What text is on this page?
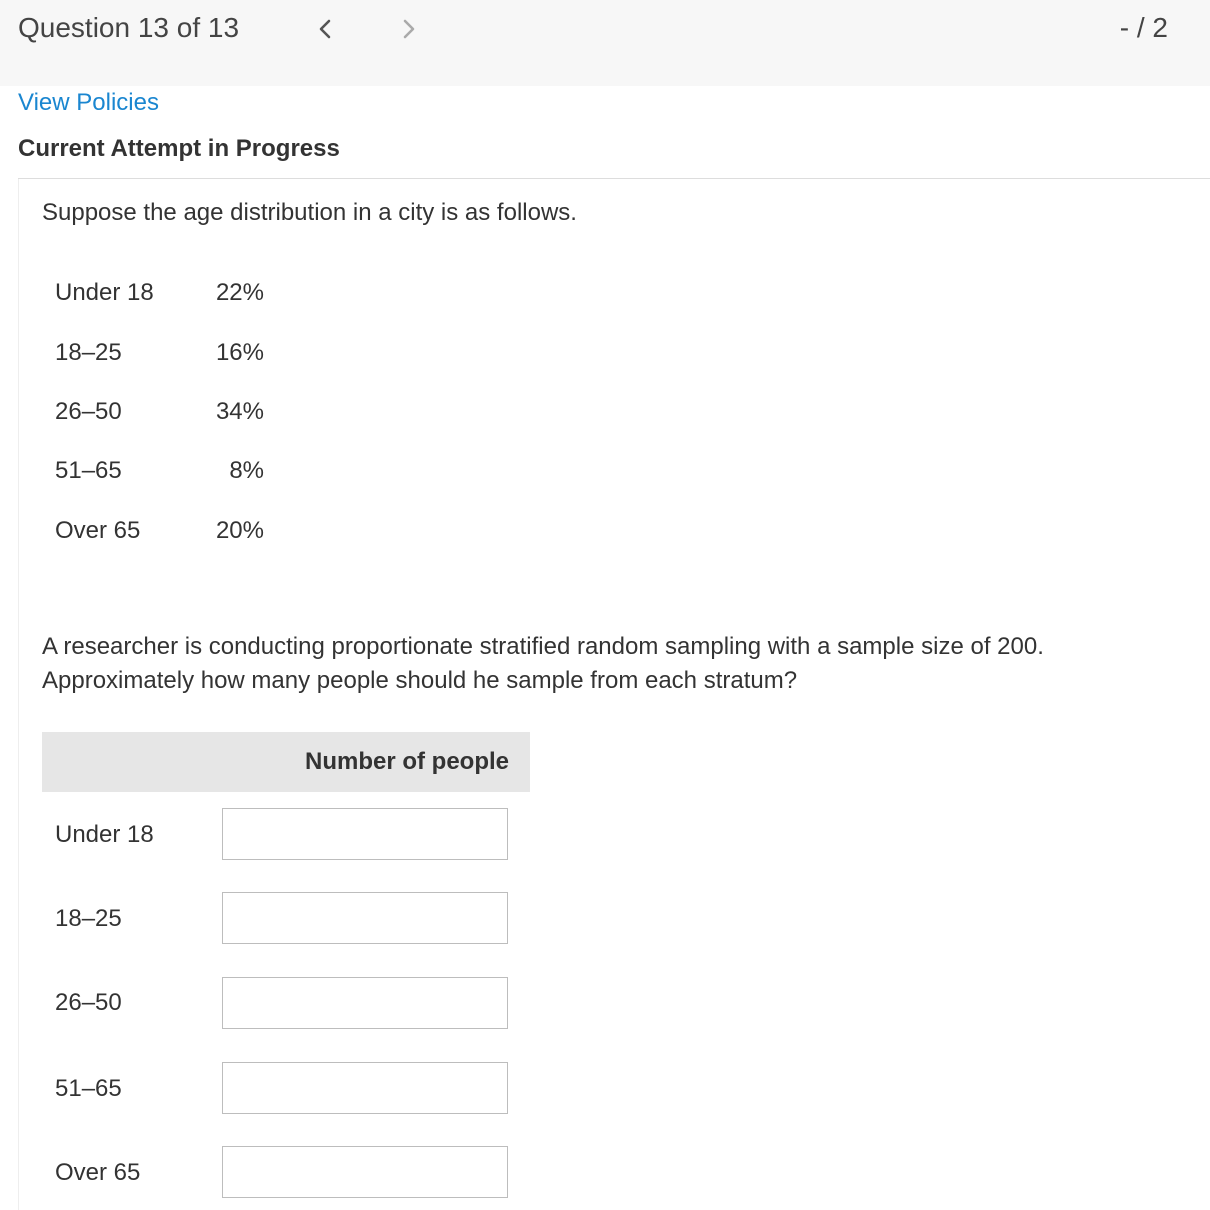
Question 13 of 13	- / 2
View Policies
Current Attempt in Progress
Suppose the age distribution in a city is as follows.
Under 18	22%
18–25	16%
26–50	34%
51–65	8%
Over 65	20%
A researcher is conducting proportionate stratified random sampling with a sample size of 200.
Approximately how many people should he sample from each stratum?
Number of people
Under 18
18–25
26–50
51–65
Over 65
